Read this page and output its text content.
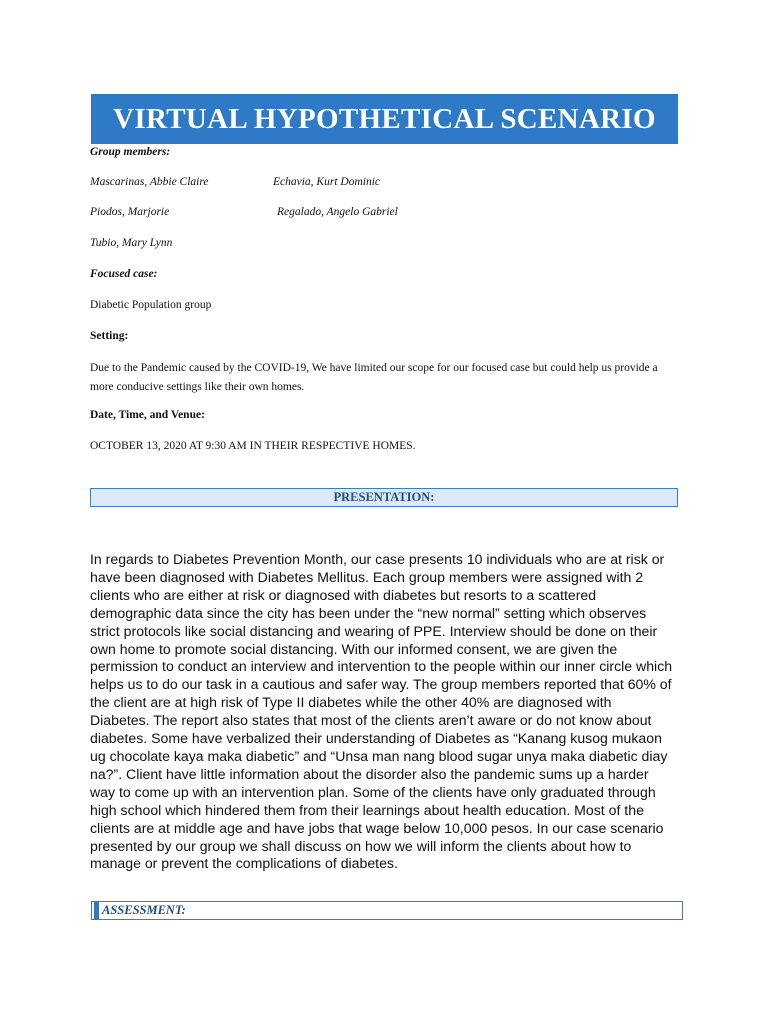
VIRTUAL HYPOTHETICAL SCENARIO
Group members:
Mascarinas, Abbie Claire	Echavia, Kurt Dominic
Piodos, Marjorie	Regalado, Angelo Gabriel
Tubio, Mary Lynn
Focused case:
Diabetic Population group
Setting:
Due to the Pandemic caused by the COVID-19, We have limited our scope for our focused case but could help us provide a more conducive settings like their own homes.
Date, Time, and Venue:
OCTOBER 13, 2020 AT 9:30 AM IN THEIR RESPECTIVE HOMES.
PRESENTATION:
In regards to Diabetes Prevention Month, our case presents 10 individuals who are at risk or have been diagnosed with Diabetes Mellitus. Each group members were assigned with 2 clients who are either at risk or diagnosed with diabetes but resorts to a scattered demographic data since the city has been under the “new normal” setting which observes strict protocols like social distancing and wearing of PPE. Interview should be done on their own home to promote social distancing. With our informed consent, we are given the permission to conduct an interview and intervention to the people within our inner circle which helps us to do our task in a cautious and safer way. The group members reported that 60% of the client are at high risk of Type II diabetes while the other 40% are diagnosed with Diabetes. The report also states that most of the clients aren’t aware or do not know about diabetes. Some have verbalized their understanding of Diabetes as “Kanang kusog mukaon ug chocolate kaya maka diabetic” and “Unsa man nang blood sugar unya maka diabetic diay na?”. Client have little information about the disorder also the pandemic sums up a harder way to come up with an intervention plan. Some of the clients have only graduated through high school which hindered them from their learnings about health education. Most of the clients are at middle age and have jobs that wage below 10,000 pesos. In our case scenario presented by our group we shall discuss on how we will inform the clients about how to manage or prevent the complications of diabetes.
ASSESSMENT:
